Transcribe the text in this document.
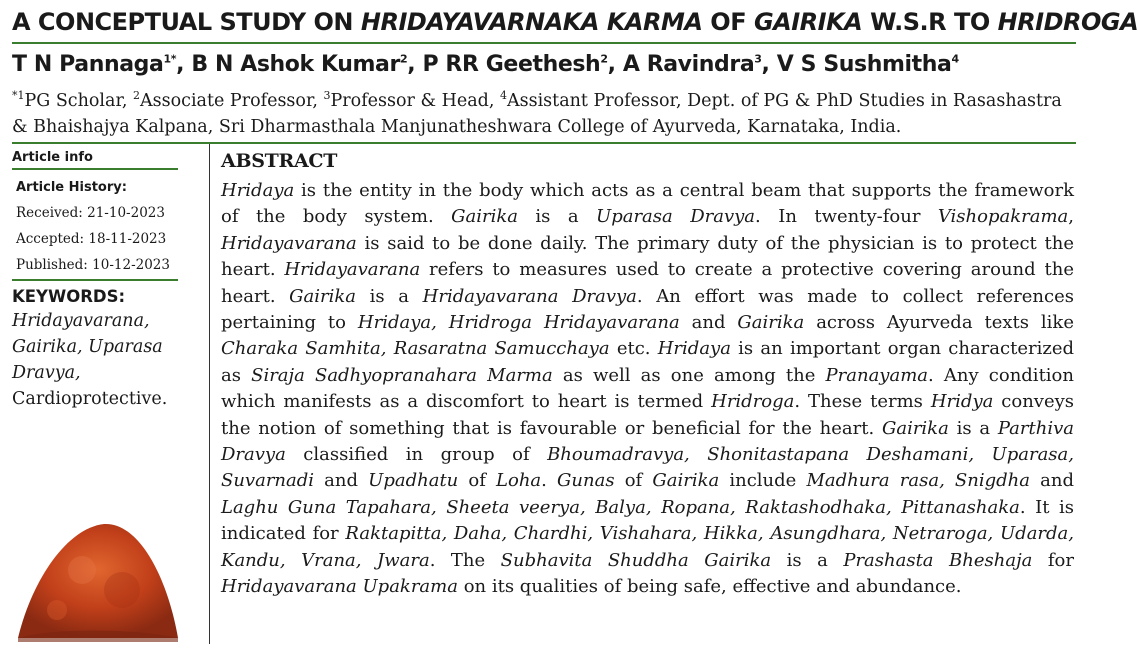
A CONCEPTUAL STUDY ON HRIDAYAVARNAKA KARMA OF GAIRIKA W.S.R TO HRIDROGA
T N Pannaga$^{1*}$, B N Ashok Kumar$^2$, P RR Geethesh$^2$, A Ravindra$^3$, V S Sushmitha$^4$
$^{*1}$PG Scholar, $^2$Associate Professor, $^3$Professor & Head, $^4$Assistant Professor, Dept. of PG & PhD Studies in Rasashastra & Bhaishajya Kalpana, Sri Dharmasthala Manjunatheshwara College of Ayurveda, Karnataka, India.

Article info

Article History:

Received: 21-10-2023

Accepted: 18-11-2023

Published: 10-12-2023

KEYWORDS:

Hridayavarana, Gairika, Uparasa Dravya, Cardioprotective.
ABSTRACT

Hridaya is the entity in the body which acts as a central beam that supports the framework of the body system. Gairika is a Uparasa Dravya. In twenty-four Vishopakrama, Hridayavarana is said to be done daily. The primary duty of the physician is to protect the heart. Hridayavarana refers to measures used to create a protective covering around the heart. Gairika is a Hridayavarana Dravya. An effort was made to collect references pertaining to Hridaya, Hridroga Hridayavarana and Gairika across Ayurveda texts like Charaka Samhita, Rasaratna Samucchaya etc. Hridaya is an important organ characterized as Siraja Sadhyopranahara Marma as well as one among the Pranayama. Any condition which manifests as a discomfort to heart is termed Hridroga. These terms Hridya conveys the notion of something that is favourable or beneficial for the heart. Gairika is a Parthiva Dravya classified in group of Bhoumadravya, Shonitastapana Deshamani, Uparasa, Suvarnadi and Upadhatu of Loha. Gunas of Gairika include Madhura rasa, Snigdha and Laghu Guna Tapahara, Sheeta veerya, Balya, Ropana, Raktashodhaka, Pittanashaka. It is indicated for Raktapitta, Daha, Chardhi, Vishahara, Hikka, Asungdhara, Netraroga, Udarda, Kandu, Vrana, Jwara. The Subhavita Shuddha Gairika is a Prashasta Bheshaja for Hridayavarana Upakrama on its qualities of being safe, effective and abundance.
